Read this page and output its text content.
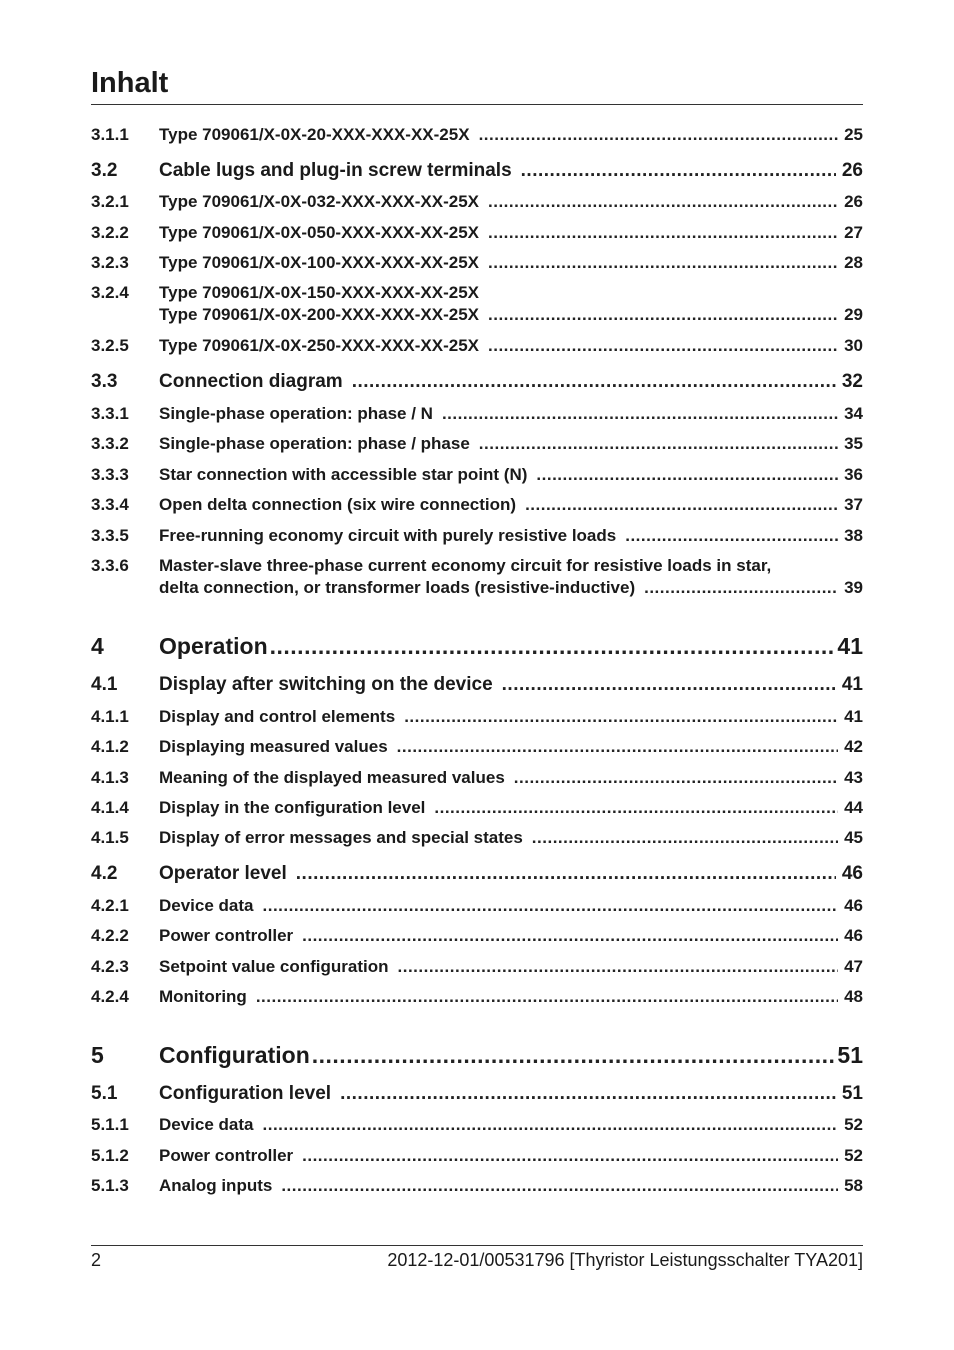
Inhalt
3.1.1 Type 709061/X-0X-20-XXX-XXX-XX-25X .....	25
3.2 Cable lugs and plug-in screw terminals .....	26
3.2.1 Type 709061/X-0X-032-XXX-XXX-XX-25X .....	26
3.2.2 Type 709061/X-0X-050-XXX-XXX-XX-25X .....	27
3.2.3 Type 709061/X-0X-100-XXX-XXX-XX-25X .....	28
3.2.4 Type 709061/X-0X-150-XXX-XXX-XX-25X
Type 709061/X-0X-200-XXX-XXX-XX-25X .....	29
3.2.5 Type 709061/X-0X-250-XXX-XXX-XX-25X .....	30
3.3 Connection diagram .....	32
3.3.1 Single-phase operation: phase / N .....	34
3.3.2 Single-phase operation: phase / phase .....	35
3.3.3 Star connection with accessible star point (N) .....	36
3.3.4 Open delta connection (six wire connection) .....	37
3.3.5 Free-running economy circuit with purely resistive loads .....	38
3.3.6 Master-slave three-phase current economy circuit for resistive loads in star,
delta connection, or transformer loads (resistive-inductive) .....	39
4 Operation .....	41
4.1 Display after switching on the device .....	41
4.1.1 Display and control elements .....	41
4.1.2 Displaying measured values .....	42
4.1.3 Meaning of the displayed measured values .....	43
4.1.4 Display in the configuration level .....	44
4.1.5 Display of error messages and special states .....	45
4.2 Operator level .....	46
4.2.1 Device data .....	46
4.2.2 Power controller .....	46
4.2.3 Setpoint value configuration .....	47
4.2.4 Monitoring .....	48
5 Configuration .....	51
5.1 Configuration level .....	51
5.1.1 Device data .....	52
5.1.2 Power controller .....	52
5.1.3 Analog inputs .....	58
2	2012-12-01/00531796 [Thyristor Leistungsschalter TYA201]
